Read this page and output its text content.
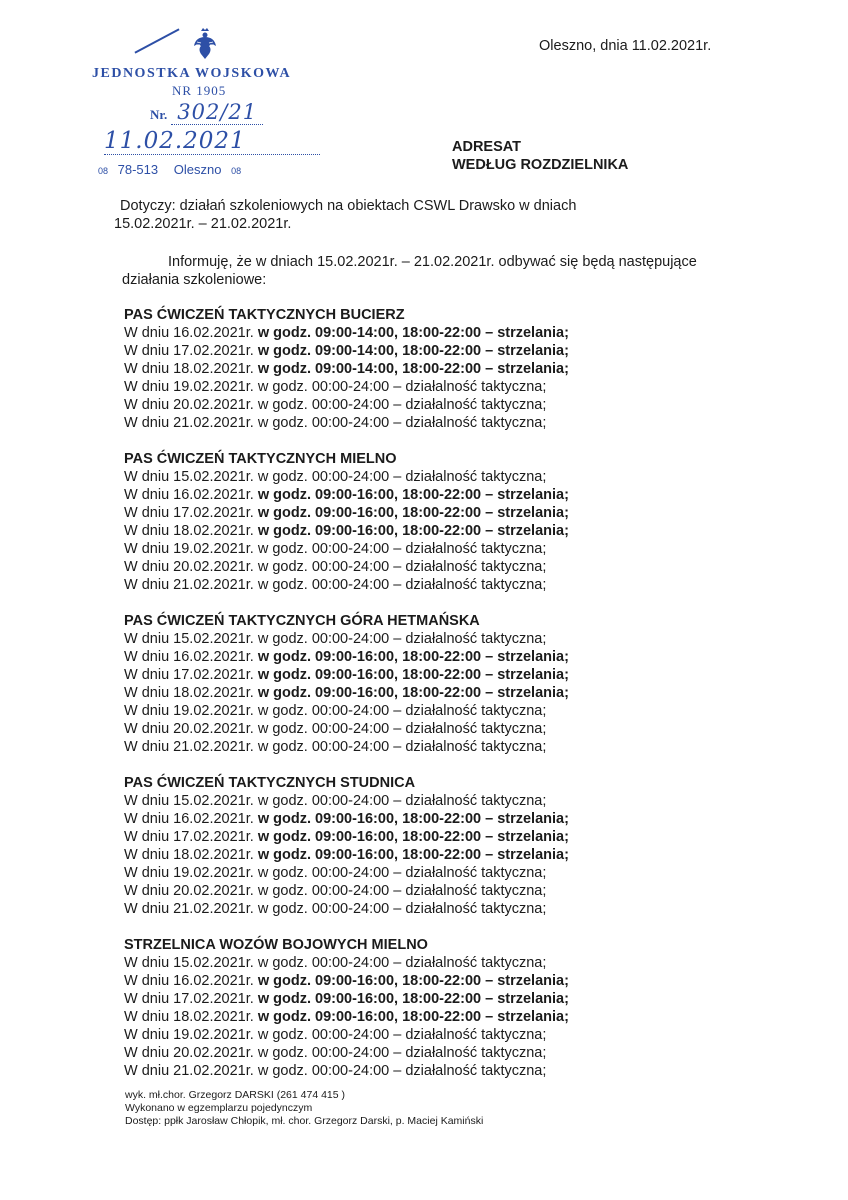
JEDNOSTKA WOJSKOWA
NR 1905
Nr. 302/21
11.02.2021
08 78-513 Oleszno 08
Oleszno, dnia 11.02.2021r.
ADRESAT
WEDŁUG ROZDZIELNIKA
Dotyczy: działań szkoleniowych na obiektach CSWL Drawsko w dniach
15.02.2021r. – 21.02.2021r.
Informuję, że w dniach 15.02.2021r. – 21.02.2021r. odbywać się będą następujące
działania szkoleniowe:
PAS ĆWICZEŃ TAKTYCZNYCH BUCIERZ
W dniu 16.02.2021r. w godz. 09:00-14:00, 18:00-22:00 – strzelania;
W dniu 17.02.2021r. w godz. 09:00-14:00, 18:00-22:00 – strzelania;
W dniu 18.02.2021r. w godz. 09:00-14:00, 18:00-22:00 – strzelania;
W dniu 19.02.2021r. w godz. 00:00-24:00 – działalność taktyczna;
W dniu 20.02.2021r. w godz. 00:00-24:00 – działalność taktyczna;
W dniu 21.02.2021r. w godz. 00:00-24:00 – działalność taktyczna;
PAS ĆWICZEŃ TAKTYCZNYCH MIELNO
W dniu 15.02.2021r. w godz. 00:00-24:00 – działalność taktyczna;
W dniu 16.02.2021r. w godz. 09:00-16:00, 18:00-22:00 – strzelania;
W dniu 17.02.2021r. w godz. 09:00-16:00, 18:00-22:00 – strzelania;
W dniu 18.02.2021r. w godz. 09:00-16:00, 18:00-22:00 – strzelania;
W dniu 19.02.2021r. w godz. 00:00-24:00 – działalność taktyczna;
W dniu 20.02.2021r. w godz. 00:00-24:00 – działalność taktyczna;
W dniu 21.02.2021r. w godz. 00:00-24:00 – działalność taktyczna;
PAS ĆWICZEŃ TAKTYCZNYCH GÓRA HETMAŃSKA
W dniu 15.02.2021r. w godz. 00:00-24:00 – działalność taktyczna;
W dniu 16.02.2021r. w godz. 09:00-16:00, 18:00-22:00 – strzelania;
W dniu 17.02.2021r. w godz. 09:00-16:00, 18:00-22:00 – strzelania;
W dniu 18.02.2021r. w godz. 09:00-16:00, 18:00-22:00 – strzelania;
W dniu 19.02.2021r. w godz. 00:00-24:00 – działalność taktyczna;
W dniu 20.02.2021r. w godz. 00:00-24:00 – działalność taktyczna;
W dniu 21.02.2021r. w godz. 00:00-24:00 – działalność taktyczna;
PAS ĆWICZEŃ TAKTYCZNYCH STUDNICA
W dniu 15.02.2021r. w godz. 00:00-24:00 – działalność taktyczna;
W dniu 16.02.2021r. w godz. 09:00-16:00, 18:00-22:00 – strzelania;
W dniu 17.02.2021r. w godz. 09:00-16:00, 18:00-22:00 – strzelania;
W dniu 18.02.2021r. w godz. 09:00-16:00, 18:00-22:00 – strzelania;
W dniu 19.02.2021r. w godz. 00:00-24:00 – działalność taktyczna;
W dniu 20.02.2021r. w godz. 00:00-24:00 – działalność taktyczna;
W dniu 21.02.2021r. w godz. 00:00-24:00 – działalność taktyczna;
STRZELNICA WOZÓW BOJOWYCH MIELNO
W dniu 15.02.2021r. w godz. 00:00-24:00 – działalność taktyczna;
W dniu 16.02.2021r. w godz. 09:00-16:00, 18:00-22:00 – strzelania;
W dniu 17.02.2021r. w godz. 09:00-16:00, 18:00-22:00 – strzelania;
W dniu 18.02.2021r. w godz. 09:00-16:00, 18:00-22:00 – strzelania;
W dniu 19.02.2021r. w godz. 00:00-24:00 – działalność taktyczna;
W dniu 20.02.2021r. w godz. 00:00-24:00 – działalność taktyczna;
W dniu 21.02.2021r. w godz. 00:00-24:00 – działalność taktyczna;
wyk. mł.chor. Grzegorz DARSKI (261 474 415 )
Wykonano w egzemplarzu pojedynczym
Dostęp: ppłk Jarosław Chłopik, mł. chor. Grzegorz Darski, p. Maciej Kamiński
